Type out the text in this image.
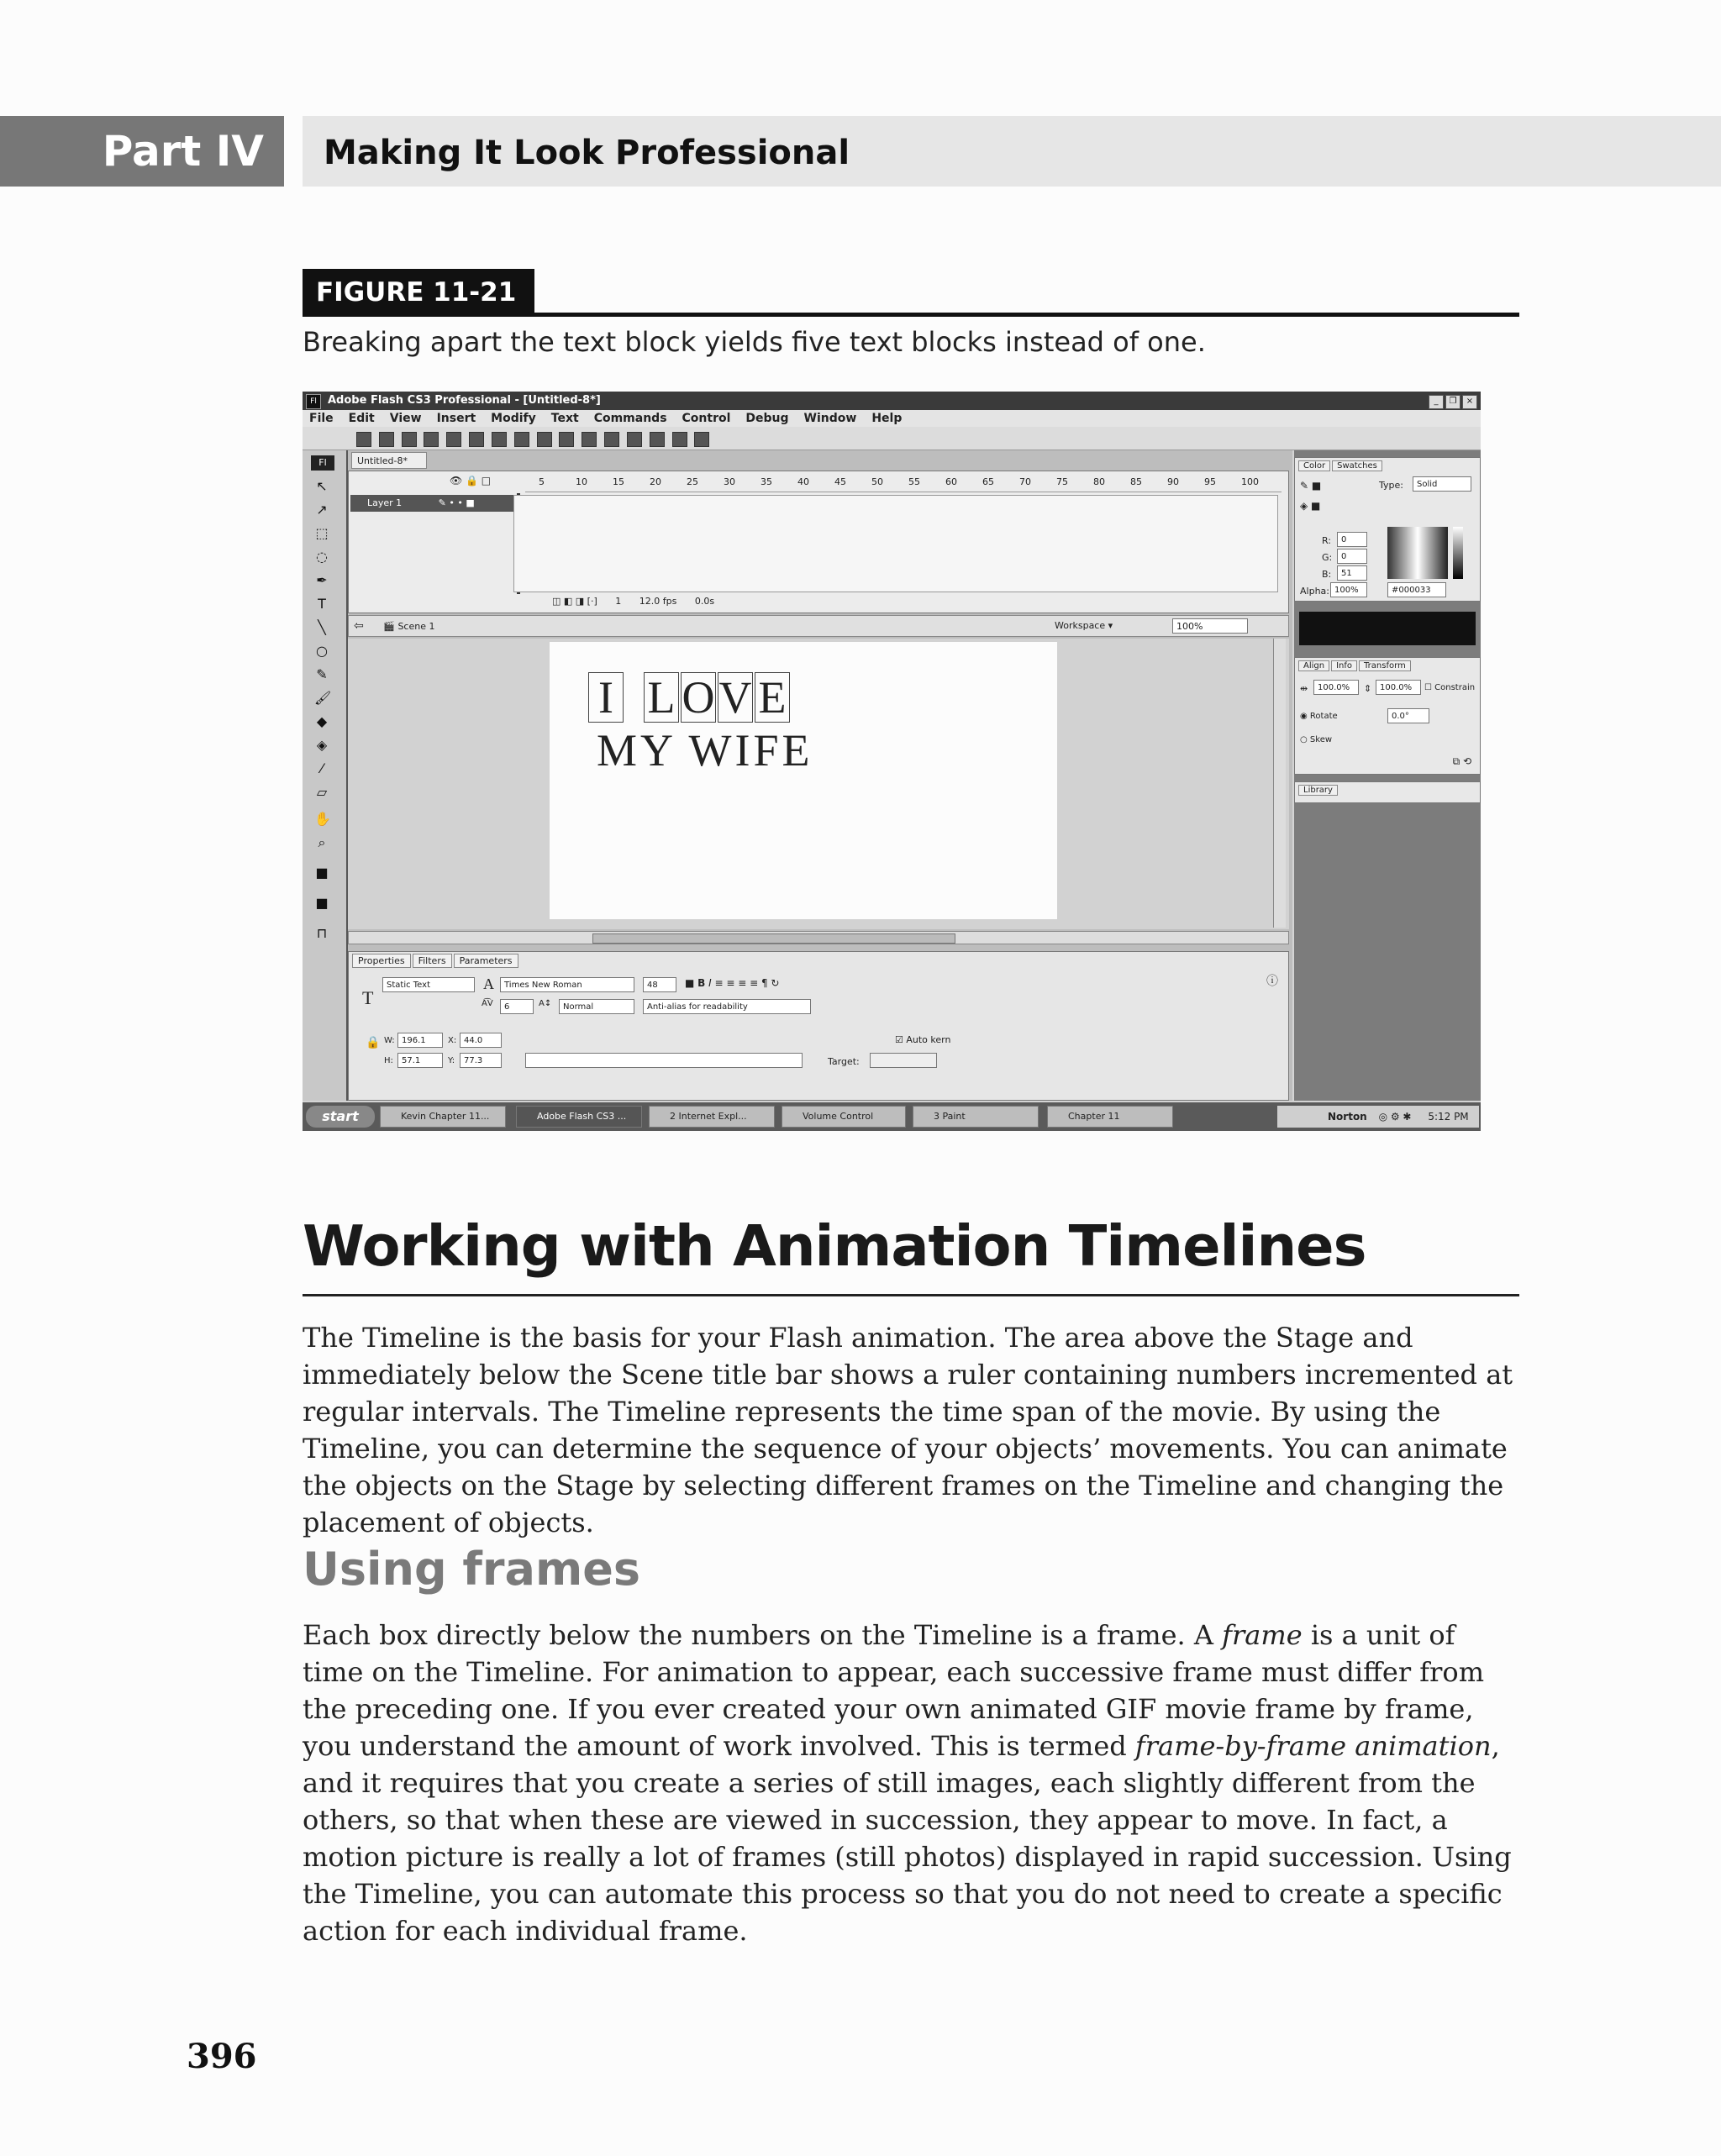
Part IV	Making It Look Professional
FIGURE 11-21
Breaking apart the text block yields five text blocks instead of one.
Adobe Flash CS3 Professional - [Untitled-8*]
Fl	_ ❐ ×
File Edit View Insert Modify Text Commands Control Debug Window Help

Fl
↖
↗
⬚
◌
✒
T
╲
○
✎
🖌
◆
◈
⁄
▱
✋
⌕
■
■
⊓
Untitled-8*
👁 🔒 □	5	10	15	20	25	30	35	40	45	50	55	60	65	70	75	80	85	90	95	100
Layer 1	✎ • • ■
◫ ◧ ◨ [·] 1 12.0 fps 0.0s
⇦ 🎬 Scene 1	Workspace ▾	100%
I L O V E
MY WIFE
Properties Filters Parameters
T
Static Text	A	Times New Roman	48	■ B I ≡ ≡ ≡ ≡ ¶ ↻
A͡V	6	A↕	Normal	Anti-alias for readability
🔒 W: 196.1	X: 44.0
H:	57.1	Y:	77.3
☑ Auto kern
Target:
ⓘ
Color Swatches
✎ ■	Type:	Solid
◈ ■
R:	0
G:	0
B:	51
Alpha: 100%	#000033
Align Info Transform
⇹	100.0%	⇕ 100.0%	☐ Constrain
◉ Rotate	0.0°
○ Skew
⧉ ⟲
Library
start	Kevin Chapter 11...	Adobe Flash CS3 ...	2 Internet Expl...	Volume Control	3 Paint	Chapter 11	Norton ◎ ⚙ ✱ 5:12 PM
Working with Animation Timelines

The Timeline is the basis for your Flash animation. The area above the Stage and immediately below the Scene title bar shows a ruler containing numbers incremented at regular intervals. The Timeline represents the time span of the movie. By using the Timeline, you can determine the sequence of your objects’ movements. You can animate the objects on the Stage by selecting different frames on the Timeline and changing the placement of objects.

Using frames

Each box directly below the numbers on the Timeline is a frame. A frame is a unit of time on the Timeline. For animation to appear, each successive frame must differ from the preceding one. If you ever created your own animated GIF movie frame by frame, you understand the amount of work involved. This is termed frame-by-frame animation, and it requires that you create a series of still images, each slightly different from the others, so that when these are viewed in succession, they appear to move. In fact, a motion picture is really a lot of frames (still photos) displayed in rapid succession. Using the Timeline, you can automate this process so that you do not need to create a specific action for each individual frame.

396
